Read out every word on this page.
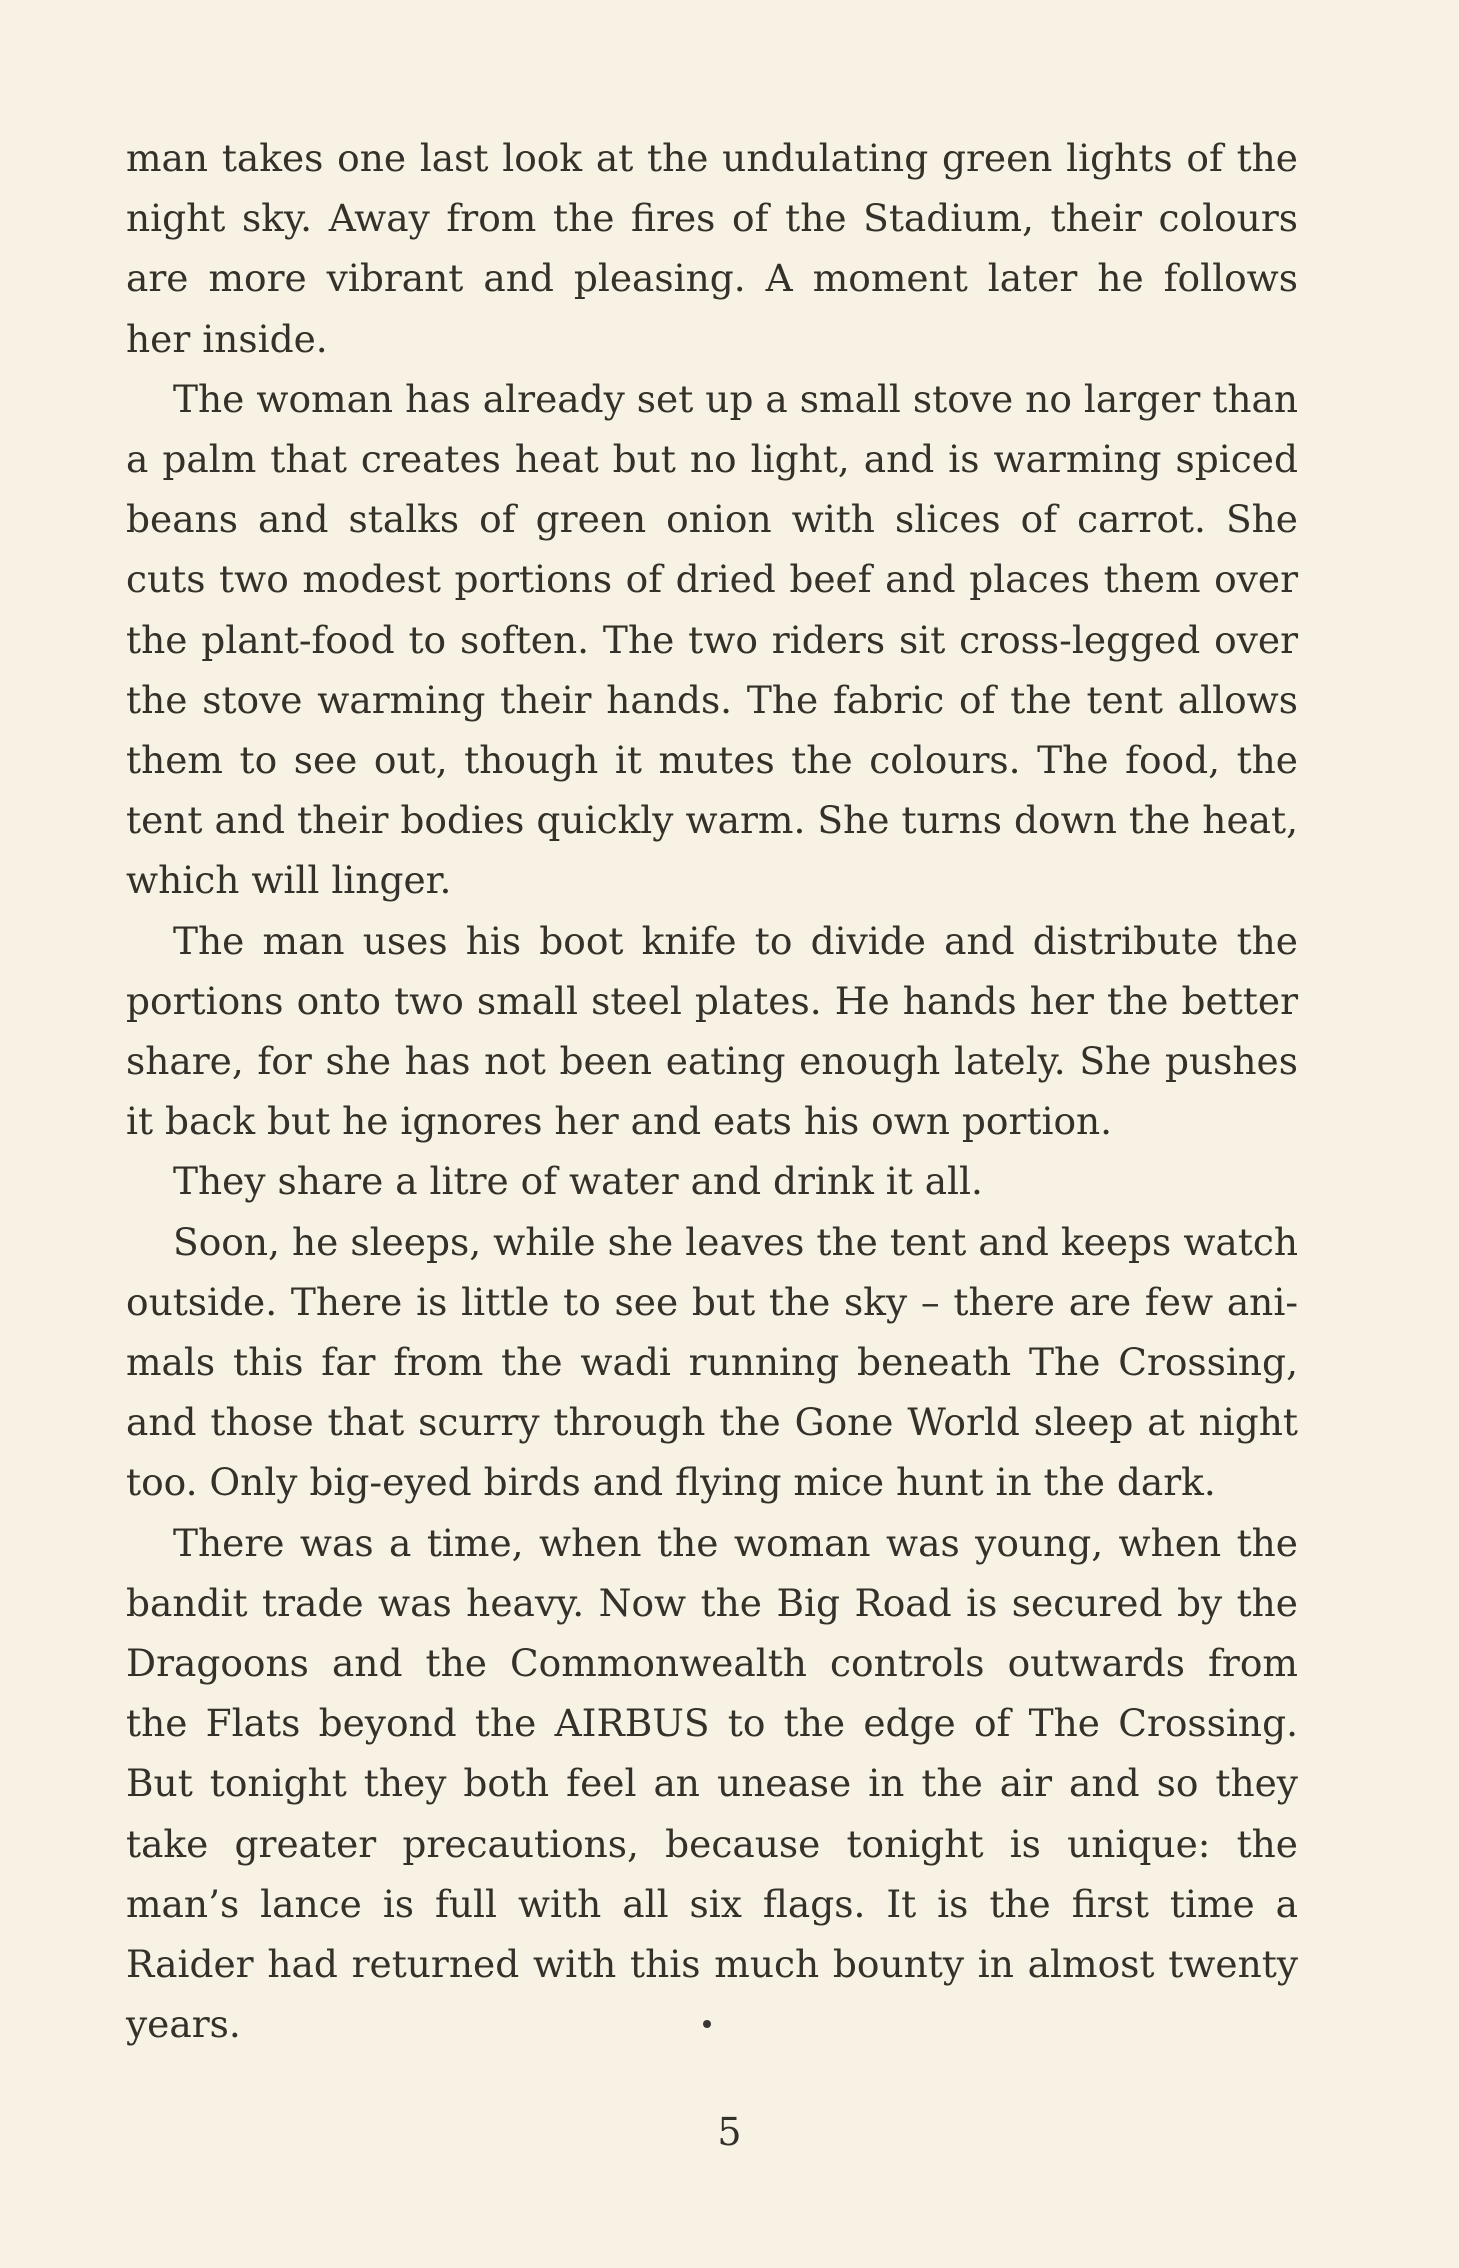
man takes one last look at the undulating green lights of the night sky. Away from the fires of the Stadium, their colours are more vibrant and pleasing. A moment later he follows her inside.

The woman has already set up a small stove no larger than a palm that creates heat but no light, and is warming spiced beans and stalks of green onion with slices of carrot. She cuts two modest portions of dried beef and places them over the plant-food to soften. The two riders sit cross-legged over the stove warming their hands. The fabric of the tent allows them to see out, though it mutes the colours. The food, the tent and their bodies quickly warm. She turns down the heat, which will linger.

The man uses his boot knife to divide and distribute the portions onto two small steel plates. He hands her the better share, for she has not been eating enough lately. She pushes it back but he ignores her and eats his own portion.

They share a litre of water and drink it all.

Soon, he sleeps, while she leaves the tent and keeps watch outside. There is little to see but the sky – there are few animals this far from the wadi running beneath The Crossing, and those that scurry through the Gone World sleep at night too. Only big-eyed birds and flying mice hunt in the dark.

There was a time, when the woman was young, when the bandit trade was heavy. Now the Big Road is secured by the Dragoons and the Commonwealth controls outwards from the Flats beyond the AIRBUS to the edge of The Crossing. But tonight they both feel an unease in the air and so they take greater precautions, because tonight is unique: the man’s lance is full with all six flags. It is the first time a Raider had returned with this much bounty in almost twenty years.

5
